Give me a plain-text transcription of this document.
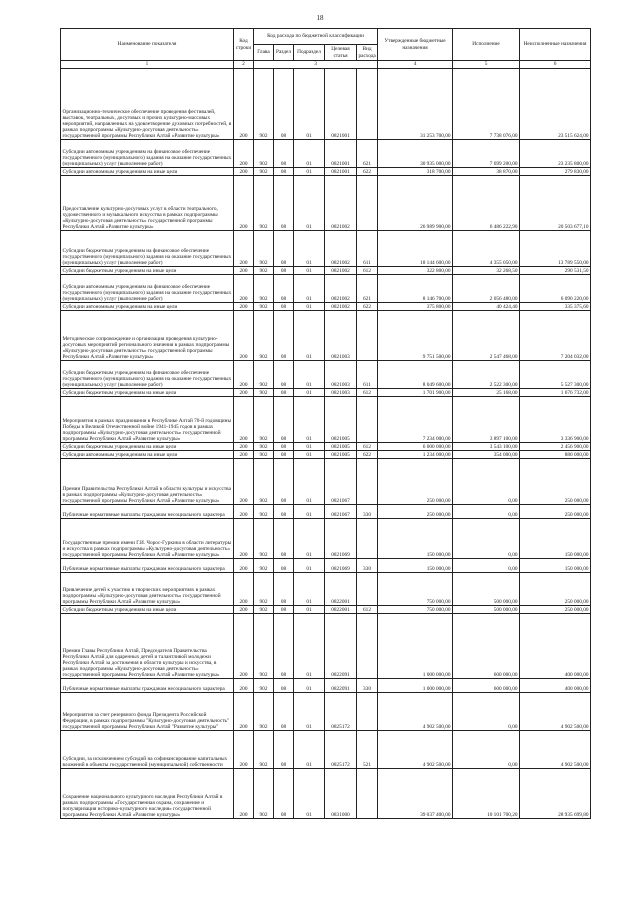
18
Наименование показателя	Код строки	Код расхода по бюджетной классификации					Утвержденные бюджетные назначения	Исполнение	Неисполненные назначения
		Глава	Раздел	Подраздел	Целевая статья	Вид расхода			
1	2	3					4	5	6
Организационно-техническое обеспечение проведения фестивалей, выставок, театральных, досуговых и прочих культурно-массовых мероприятий, направленных на удовлетворение духовных потребностей, в рамках подпрограммы «Культурно-досуговая деятельность» государственной программы Республики Алтай «Развитие культуры»	200	902	08	01	0821001		31 253 700,00	7 738 076,00	23 515 624,00
Субсидии автономным учреждениям на финансовое обеспечение государственного (муниципального) задания на оказание государственных (муниципальных) услуг (выполнение работ)	200	902	08	01	0821001	621	30 935 000,00	7 699 200,00	23 235 800,00
Субсидии автономным учреждениям на иные цели	200	902	08	01	0821001	622	318 700,00	38 870,00	279 830,00
Предоставление культурно-досуговых услуг в области театрального, художественного и музыкального искусства в рамках подпрограммы «Культурно-досуговая деятельность» государственной программы Республики Алтай «Развитие культуры»	200	902	08	01	0821002		26 989 900,00	6 486 222,90	20 503 677,10
Субсидии бюджетным учреждениям на финансовое обеспечение государственного (муниципального) задания на оказание государственных (муниципальных) услуг (выполнение работ)	200	902	08	01	0821002	611	18 144 600,00	4 355 050,00	13 789 550,00
Субсидии бюджетным учреждениям на иные цели	200	902	08	01	0821002	612	322 800,00	32 268,50	290 531,50
Субсидии автономным учреждениям на финансовое обеспечение государственного (муниципального) задания на оказание государственных (муниципальных) услуг (выполнение работ)	200	902	08	01	0821002	621	8 146 700,00	2 056 480,00	6 090 220,00
Субсидии автономным учреждениям на иные цели	200	902	08	01	0821002	622	375 800,00	40 424,40	335 375,60
Методическое сопровождение и организация проведения культурно-досуговых мероприятий регионального значения в рамках подпрограммы «Культурно-досуговая деятельность» государственной программы Республики Алтай «Развитие культуры»	200	902	08	01	0821003		9 751 500,00	2 547 468,00	7 204 032,00
Субсидии бюджетным учреждениям на финансовое обеспечение государственного (муниципального) задания на оказание государственных (муниципальных) услуг (выполнение работ)	200	902	08	01	0821003	611	8 049 600,00	2 522 300,00	5 527 300,00
Субсидии бюджетным учреждениям на иные цели	200	902	08	01	0821003	612	1 701 900,00	25 168,00	1 676 732,00
Мероприятия в рамках празднования в Республике Алтай 70-й годовщины Победы в Великой Отечественной войне 1941-1945 годов в рамках подпрограммы «Культурно-досуговая деятельность» государственной программы Республики Алтай «Развитие культуры»	200	902	08	01	0821005		7 234 000,00	3 897 100,00	3 336 900,00
Субсидии бюджетным учреждениям на иные цели	200	902	08	01	0821005	612	6 000 000,00	3 543 100,00	2 456 900,00
Субсидии автономным учреждениям на иные цели	200	902	08	01	0821005	622	1 234 000,00	354 000,00	880 000,00
Премии Правительства Республики Алтай в области культуры и искусства в рамках подпрограммы «Культурно-досуговая деятельность» государственной программы Республики Алтай «Развитие культуры»	200	902	08	01	0821067		250 000,00	0,00	250 000,00
Публичные нормативные выплаты гражданам несоциального характера	200	902	08	01	0821067	330	250 000,00	0,00	250 000,00
Государственные премии имени Г.И. Чорос-Гуркина в области литературы и искусства в рамках подпрограммы «Культурно-досуговая деятельность» государственной программы Республики Алтай «Развитие культуры»	200	902	08	01	0821069		150 000,00	0,00	150 000,00
Публичные нормативные выплаты гражданам несоциального характера	200	902	08	01	0821069	330	150 000,00	0,00	150 000,00
Привлечение детей к участию в творческих мероприятиях в рамках подпрограммы «Культурно-досуговая деятельность» государственной программы Республики Алтай «Развитие культуры»	200	902	08	01	0822001		750 000,00	500 000,00	250 000,00
Субсидии бюджетным учреждениям на иные цели	200	902	08	01	0822001	612	750 000,00	500 000,00	250 000,00
Премии Главы Республики Алтай, Председателя Правительства Республики Алтай для одаренных детей и талантливой молодежи Республики Алтай за достижения в области культуры и искусства, в рамках подпрограммы «Культурно-досуговая деятельность» государственной программы Республики Алтай «Развитие культуры»	200	902	08	01	0822091		1 000 000,00	600 000,00	400 000,00
Публичные нормативные выплаты гражданам несоциального характера	200	902	08	01	0822091	330	1 000 000,00	600 000,00	400 000,00
Мероприятия за счет резервного фонда Президента Российской Федерации, в рамках подпрограммы "Культурно-досуговая деятельность" государственной программы Республики Алтай "Развитие культуры"	200	902	08	01	0825172		4 902 500,00	0,00	4 902 500,00
Субсидии, за исключением субсидий на софинансирование капитальных вложений в объекты государственной (муниципальной) собственности	200	902	08	01	0825172	521	4 902 500,00	0,00	4 902 500,00
Сохранение национального культурного наследия Республики Алтай в рамках подпрограммы «Государственная охрана, сохранение и популяризация историко-культурного наследия» государственной программы Республики Алтай «Развитие культуры»	200	902	08	01	0831000		39 037 400,00	10 101 700,20	28 935 699,80
